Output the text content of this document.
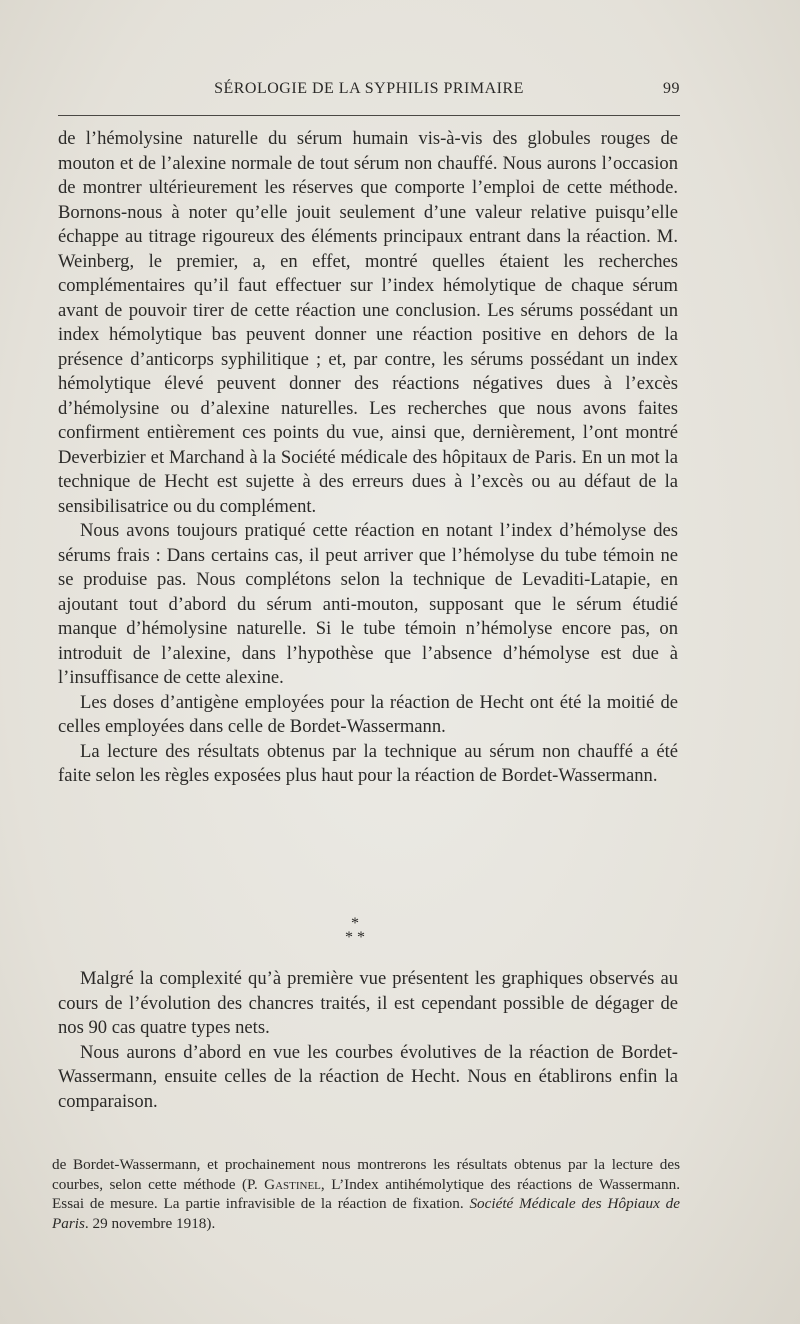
SÉROLOGIE DE LA SYPHILIS PRIMAIRE	99

de l’hémolysine naturelle du sérum humain vis-à-vis des globules rouges de mouton et de l’alexine normale de tout sérum non chauffé. Nous aurons l’occasion de montrer ultérieurement les réserves que comporte l’emploi de cette méthode. Bornons-nous à noter qu’elle jouit seulement d’une valeur relative puisqu’elle échappe au titrage rigoureux des éléments principaux entrant dans la réaction. M. Weinberg, le premier, a, en effet, montré quelles étaient les recherches complémentaires qu’il faut effectuer sur l’index hémolytique de chaque sérum avant de pouvoir tirer de cette réaction une conclusion. Les sérums possédant un index hémolytique bas peuvent donner une réaction positive en dehors de la présence d’anticorps syphilitique ; et, par contre, les sérums possédant un index hémolytique élevé peuvent donner des réactions négatives dues à l’excès d’hémolysine ou d’alexine naturelles. Les recherches que nous avons faites confirment entièrement ces points du vue, ainsi que, dernièrement, l’ont montré Deverbizier et Marchand à la Société médicale des hôpitaux de Paris. En un mot la technique de Hecht est sujette à des erreurs dues à l’excès ou au défaut de la sensibilisatrice ou du complément.

Nous avons toujours pratiqué cette réaction en notant l’index d’hémolyse des sérums frais : Dans certains cas, il peut arriver que l’hémolyse du tube témoin ne se produise pas. Nous complétons selon la technique de Levaditi-Latapie, en ajoutant tout d’abord du sérum anti-mouton, supposant que le sérum étudié manque d’hémolysine naturelle. Si le tube témoin n’hémolyse encore pas, on introduit de l’alexine, dans l’hypothèse que l’absence d’hémolyse est due à l’insuffisance de cette alexine.

Les doses d’antigène employées pour la réaction de Hecht ont été la moitié de celles employées dans celle de Bordet-Wassermann.

La lecture des résultats obtenus par la technique au sérum non chauffé a été faite selon les règles exposées plus haut pour la réaction de Bordet-Wassermann.

*
* *

Malgré la complexité qu’à première vue présentent les graphiques observés au cours de l’évolution des chancres traités, il est cependant possible de dégager de nos 90 cas quatre types nets.

Nous aurons d’abord en vue les courbes évolutives de la réaction de Bordet-Wassermann, ensuite celles de la réaction de Hecht. Nous en établirons enfin la comparaison.

de Bordet-Wassermann, et prochainement nous montrerons les résultats obtenus par la lecture des courbes, selon cette méthode (P. Gastinel, L’Index antihémolytique des réactions de Wassermann. Essai de mesure. La partie infravisible de la réaction de fixation. Société Médicale des Hôpiaux de Paris. 29 novembre 1918).
